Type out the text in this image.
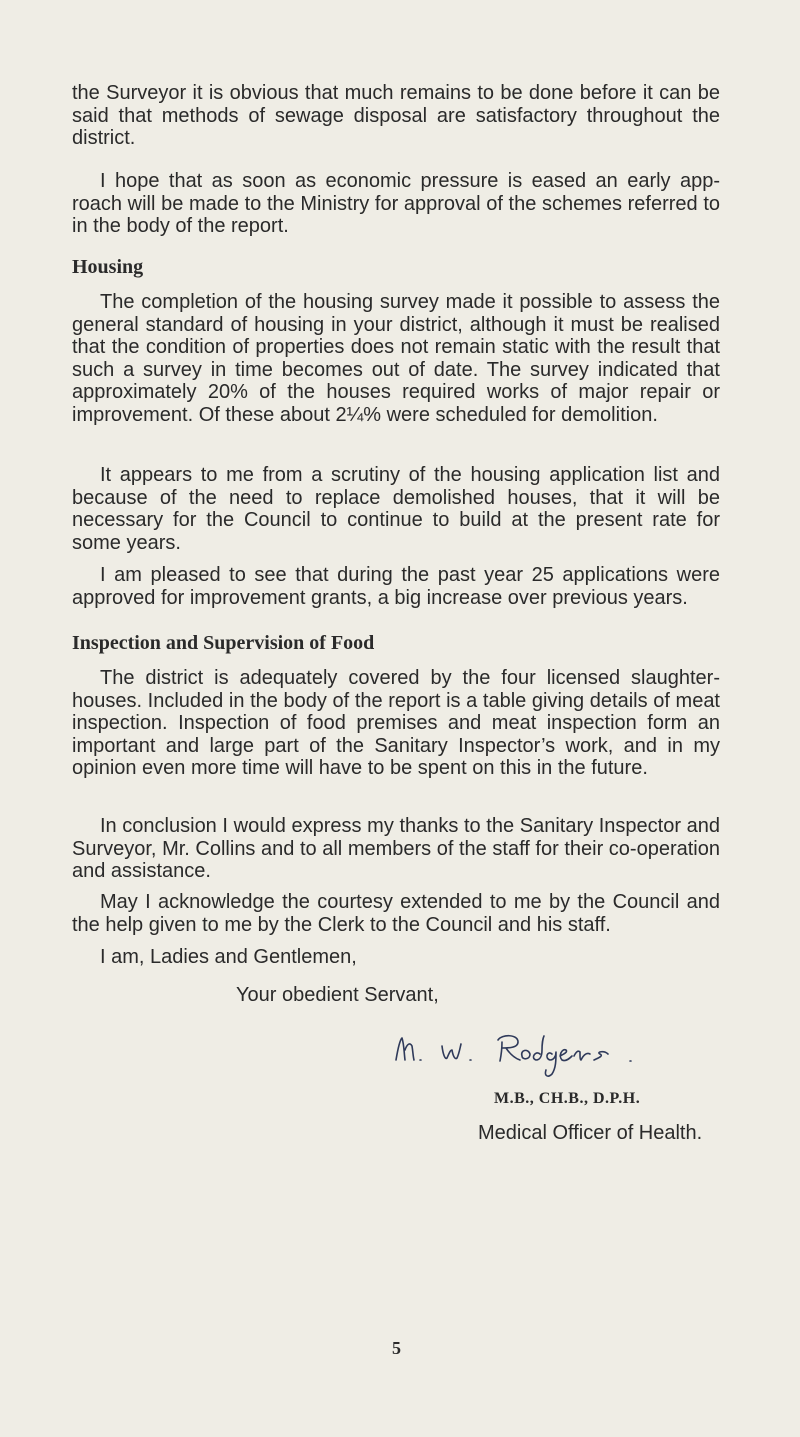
the Surveyor it is obvious that much remains to be done before it can be said that methods of sewage disposal are satisfactory throughout the district.

I hope that as soon as economic pressure is eased an early app-roach will be made to the Ministry for approval of the schemes referred to in the body of the report.

Housing

The completion of the housing survey made it possible to assess the general standard of housing in your district, although it must be realised that the condition of properties does not remain static with the result that such a survey in time becomes out of date. The survey indicated that approximately 20% of the houses required works of major repair or improvement. Of these about 2¼% were scheduled for demolition.

It appears to me from a scrutiny of the housing application list and because of the need to replace demolished houses, that it will be necessary for the Council to continue to build at the present rate for some years.

I am pleased to see that during the past year 25 applications were approved for improvement grants, a big increase over previous years.

Inspection and Supervision of Food

The district is adequately covered by the four licensed slaughter-houses. Included in the body of the report is a table giving details of meat inspection. Inspection of food premises and meat inspection form an important and large part of the Sanitary Inspector’s work, and in my opinion even more time will have to be spent on this in the future.

In conclusion I would express my thanks to the Sanitary Inspector and Surveyor, Mr. Collins and to all members of the staff for their co-operation and assistance.

May I acknowledge the courtesy extended to me by the Council and the help given to me by the Clerk to the Council and his staff.

I am, Ladies and Gentlemen,

Your obedient Servant,

M.B., CH.B., D.P.H.

Medical Officer of Health.

5
